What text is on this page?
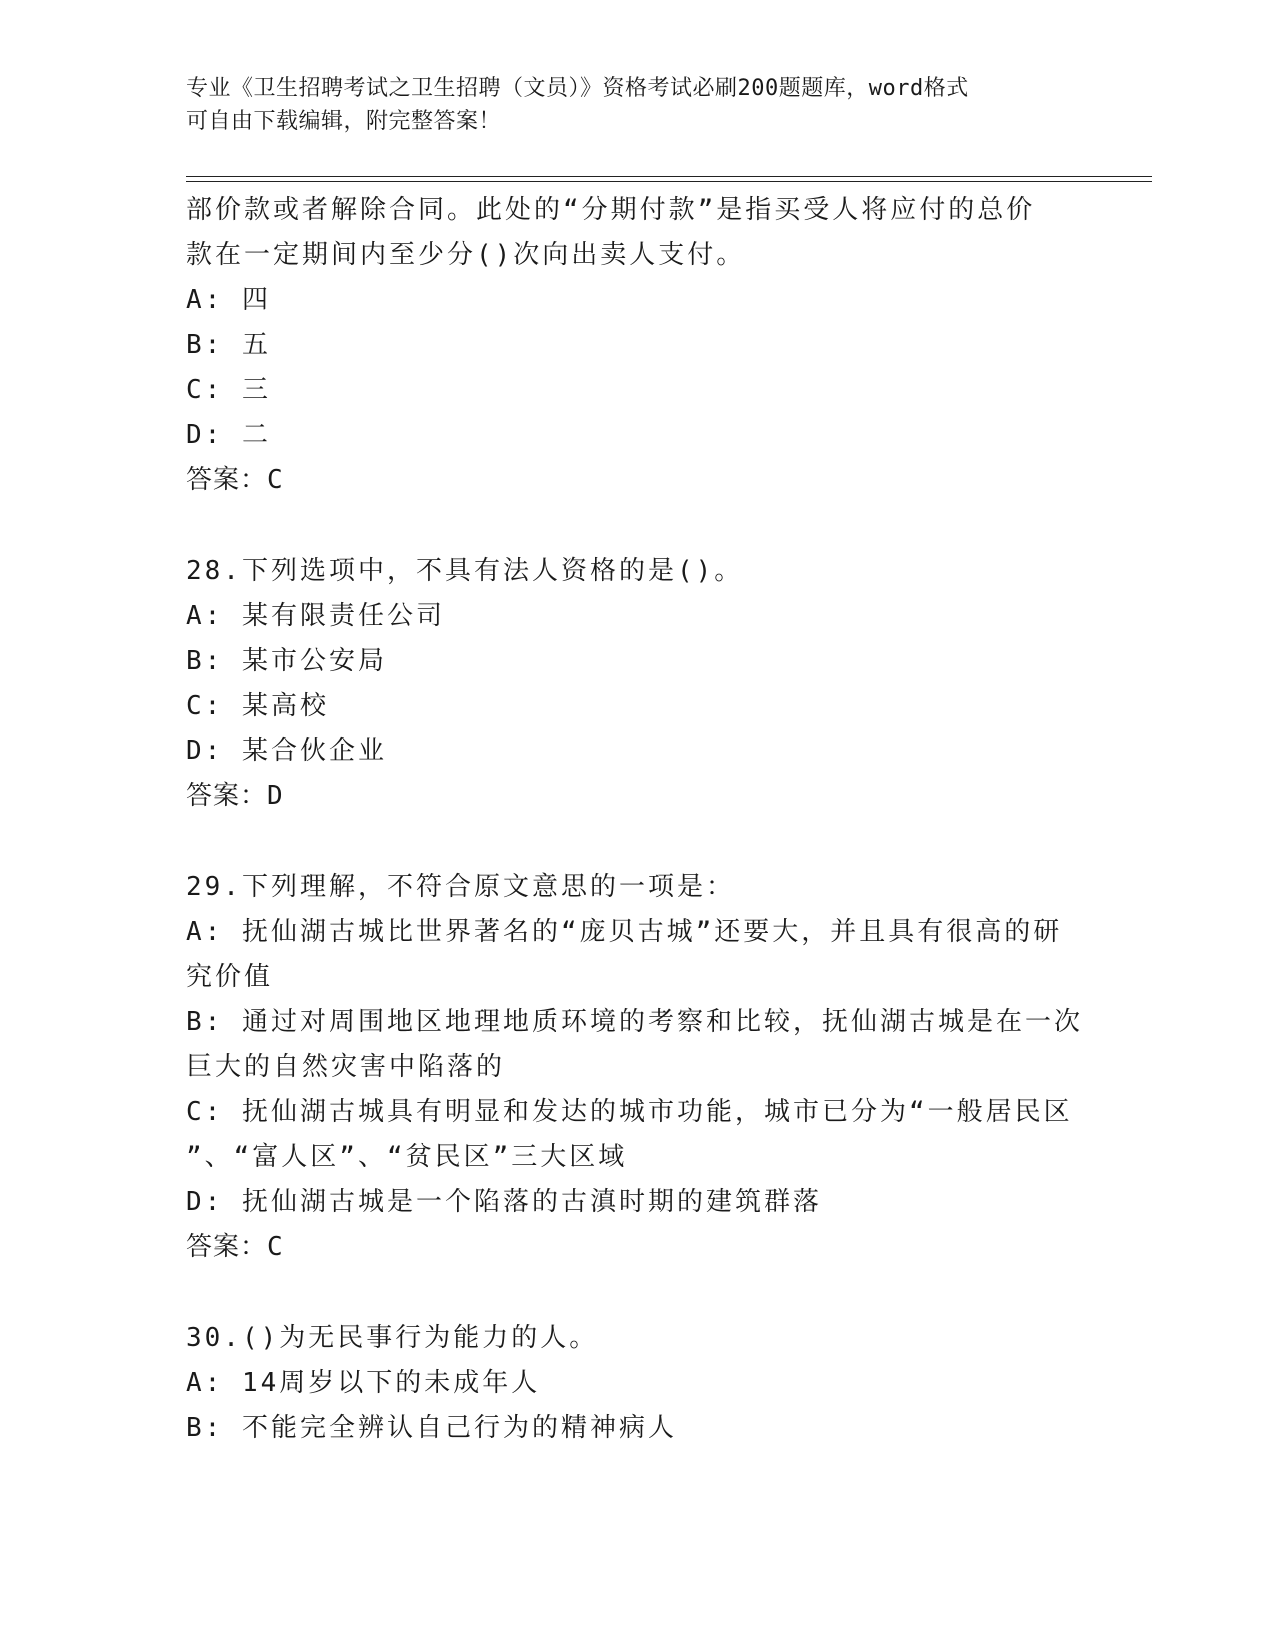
专业《卫生招聘考试之卫生招聘（文员）》资格考试必刷200题题库，word格式
可自由下载编辑，附完整答案！
部价款或者解除合同。此处的“分期付款”是指买受人将应付的总价
款在一定期间内至少分()次向出卖人支付。
A: 四
B: 五
C: 三
D: 二
答案：C
28.下列选项中，不具有法人资格的是()。
A: 某有限责任公司
B: 某市公安局
C: 某高校
D: 某合伙企业
答案：D
29.下列理解，不符合原文意思的一项是：
A: 抚仙湖古城比世界著名的“庞贝古城”还要大，并且具有很高的研
究价值
B: 通过对周围地区地理地质环境的考察和比较，抚仙湖古城是在一次
巨大的自然灾害中陷落的
C: 抚仙湖古城具有明显和发达的城市功能，城市已分为“一般居民区
”、“富人区”、“贫民区”三大区域
D: 抚仙湖古城是一个陷落的古滇时期的建筑群落
答案：C
30.()为无民事行为能力的人。
A: 14周岁以下的未成年人
B: 不能完全辨认自己行为的精神病人
